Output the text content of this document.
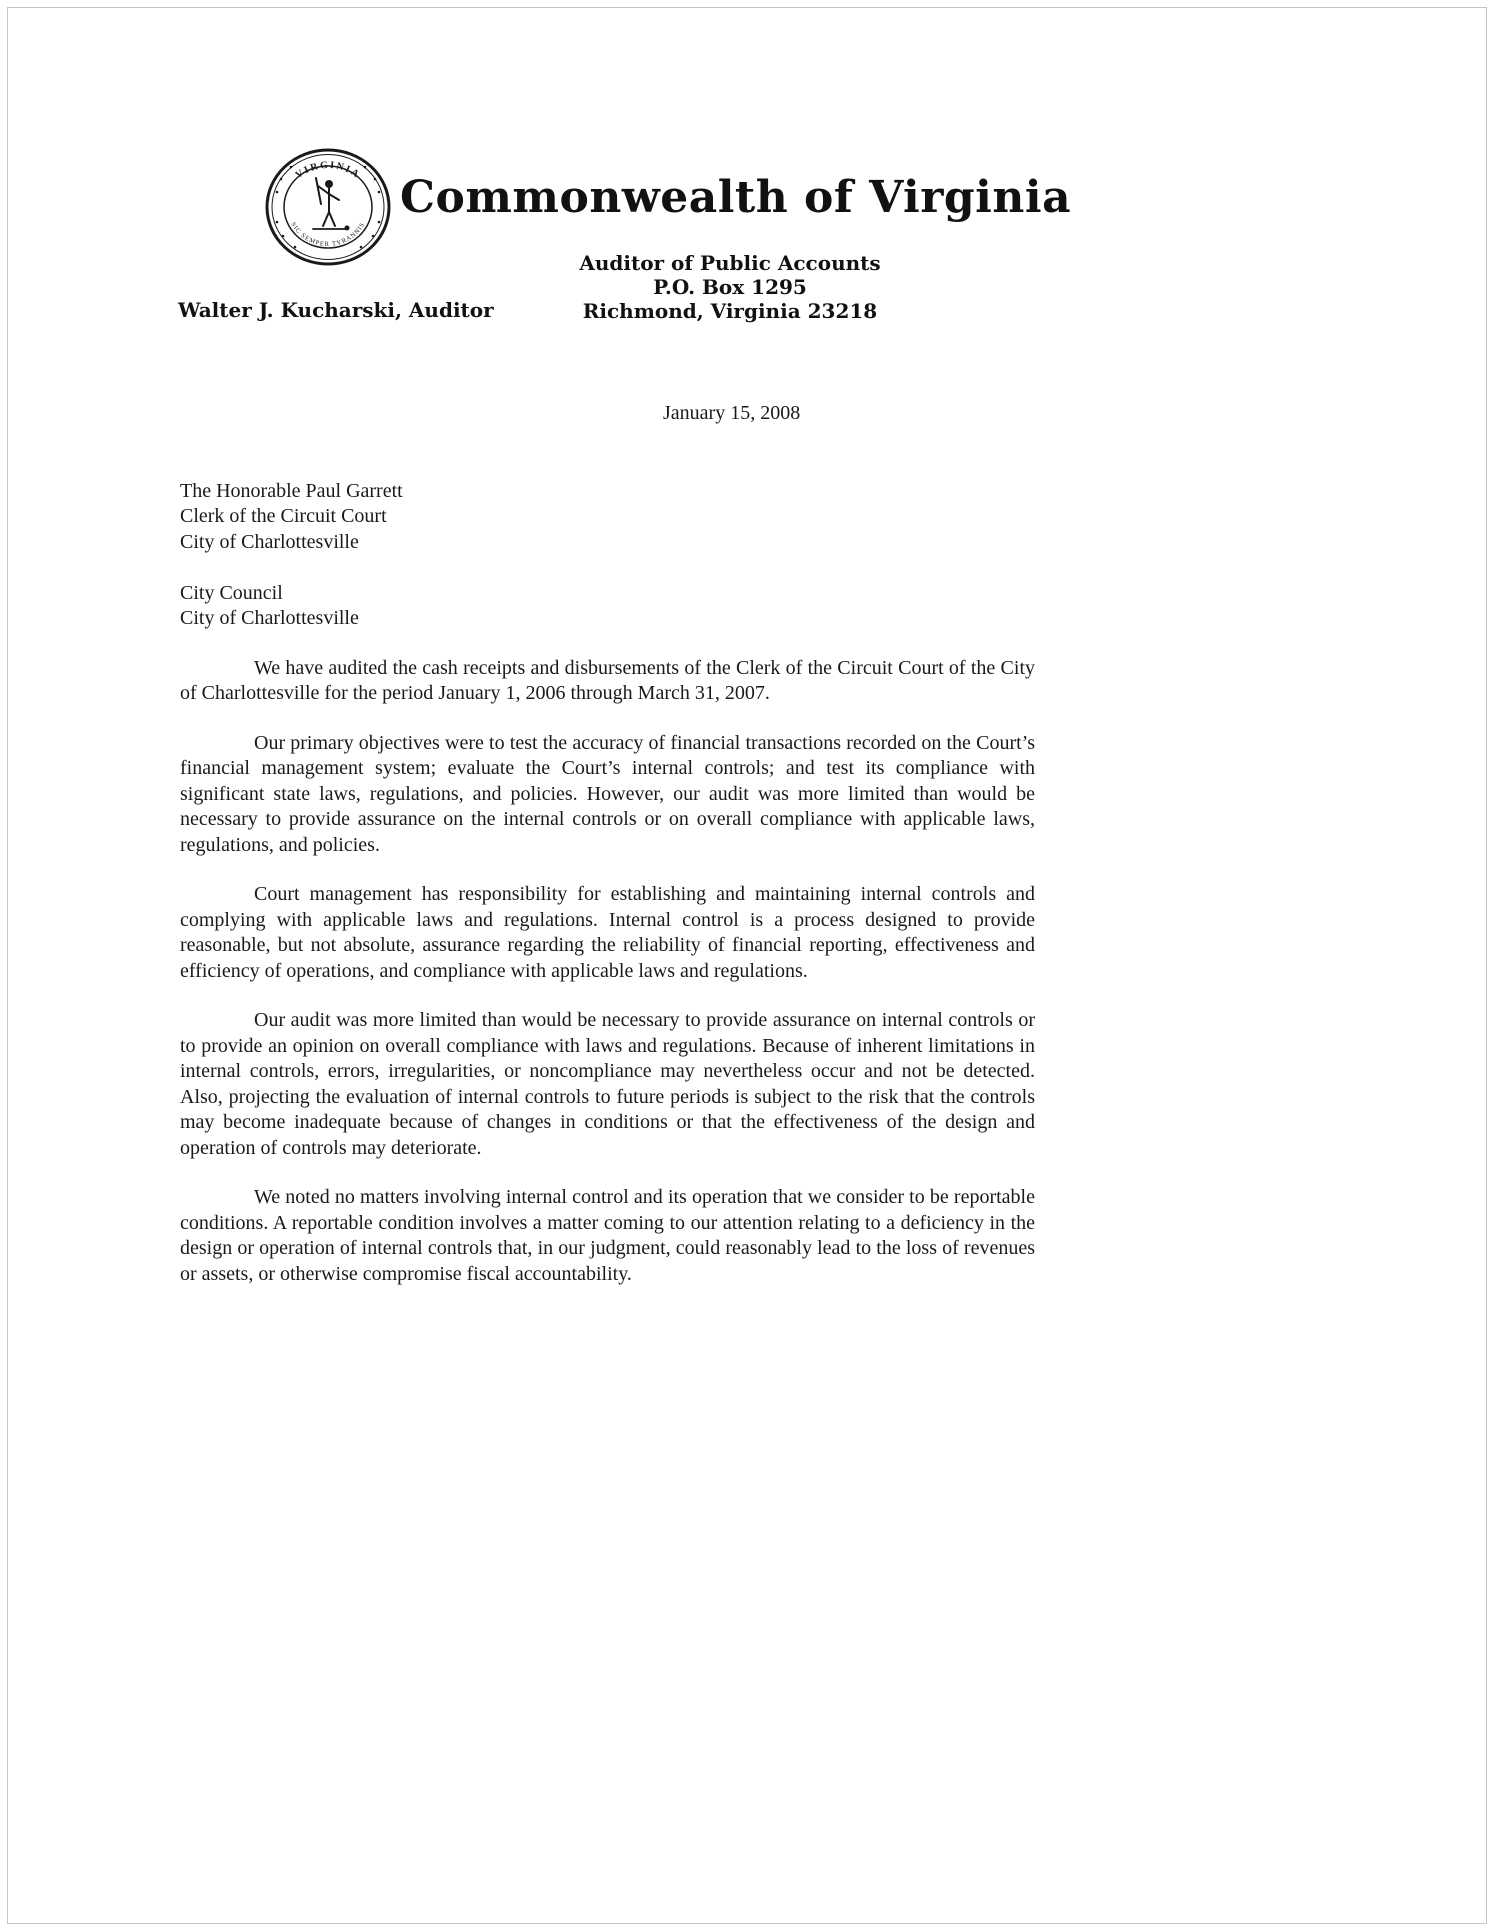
VIRGINIA
SIC SEMPER TYRANNIS
Commonwealth of Virginia
Auditor of Public Accounts
P.O. Box 1295
Richmond, Virginia 23218
Walter J. Kucharski, Auditor
January 15, 2008
The Honorable Paul Garrett
Clerk of the Circuit Court
City of Charlottesville
City Council
City of Charlottesville

We have audited the cash receipts and disbursements of the Clerk of the Circuit Court of the City of Charlottesville for the period January 1, 2006 through March 31, 2007.

Our primary objectives were to test the accuracy of financial transactions recorded on the Court’s financial management system; evaluate the Court’s internal controls; and test its compliance with significant state laws, regulations, and policies. However, our audit was more limited than would be necessary to provide assurance on the internal controls or on overall compliance with applicable laws, regulations, and policies.

Court management has responsibility for establishing and maintaining internal controls and complying with applicable laws and regulations. Internal control is a process designed to provide reasonable, but not absolute, assurance regarding the reliability of financial reporting, effectiveness and efficiency of operations, and compliance with applicable laws and regulations.

Our audit was more limited than would be necessary to provide assurance on internal controls or to provide an opinion on overall compliance with laws and regulations. Because of inherent limitations in internal controls, errors, irregularities, or noncompliance may nevertheless occur and not be detected. Also, projecting the evaluation of internal controls to future periods is subject to the risk that the controls may become inadequate because of changes in conditions or that the effectiveness of the design and operation of controls may deteriorate.

We noted no matters involving internal control and its operation that we consider to be reportable conditions. A reportable condition involves a matter coming to our attention relating to a deficiency in the design or operation of internal controls that, in our judgment, could reasonably lead to the loss of revenues or assets, or otherwise compromise fiscal accountability.
